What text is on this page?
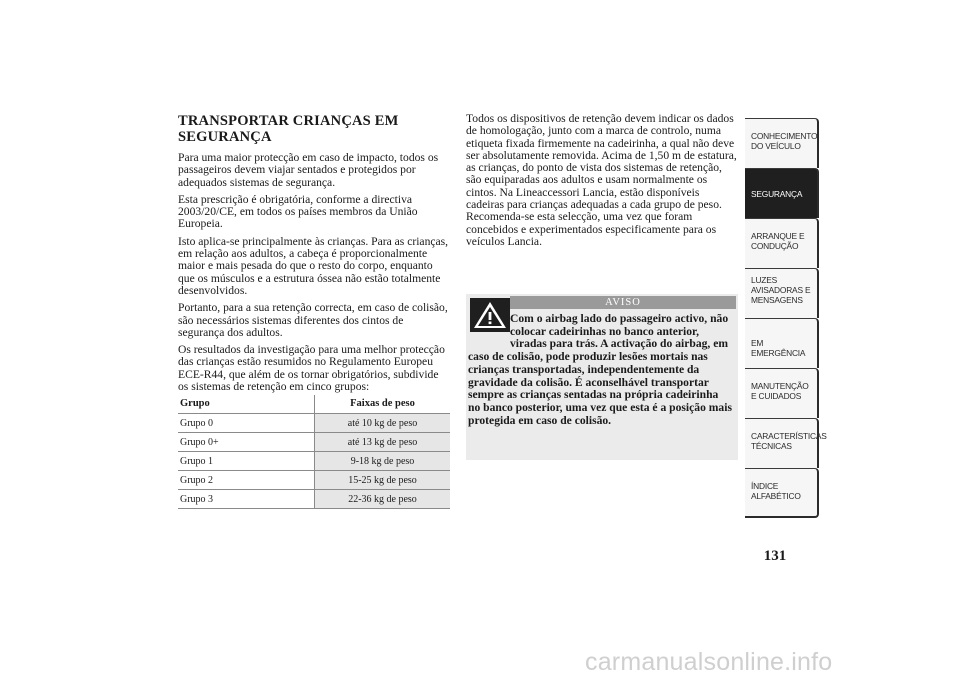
TRANSPORTAR CRIANÇAS EM
SEGURANÇA

Para uma maior protecção em caso de impacto, todos os passageiros devem viajar sentados e protegidos por adequados sistemas de segurança.

Esta prescrição é obrigatória, conforme a directiva 2003/20/CE, em todos os países membros da União Europeia.

Isto aplica-se principalmente às crianças. Para as crianças, em relação aos adultos, a cabeça é proporcionalmente maior e mais pesada do que o resto do corpo, enquanto que os músculos e a estrutura óssea não estão totalmente desenvolvidos.

Portanto, para a sua retenção correcta, em caso de colisão, são necessários sistemas diferentes dos cintos de segurança dos adultos.

Os resultados da investigação para uma melhor protecção das crianças estão resumidos no Regulamento Europeu ECE-R44, que além de os tornar obrigatórios, subdivide os sistemas de retenção em cinco grupos:

Grupo	Faixas de peso
Grupo 0	até 10 kg de peso
Grupo 0+	até 13 kg de peso
Grupo 1	9-18 kg de peso
Grupo 2	15-25 kg de peso
Grupo 3	22-36 kg de peso

Todos os dispositivos de retenção devem indicar os dados de homologação, junto com a marca de controlo, numa etiqueta fixada firmemente na cadeirinha, a qual não deve ser absolutamente removida. Acima de 1,50 m de estatura, as crianças, do ponto de vista dos sistemas de retenção, são equiparadas aos adultos e usam normalmente os cintos. Na Lineaccessori Lancia, estão disponíveis cadeiras para crianças adequadas a cada grupo de peso. Recomenda-se esta selecção, uma vez que foram concebidos e experimentados especificamente para os veículos Lancia.

AVISO
Com o airbag lado do passageiro activo, não colocar cadeirinhas no banco anterior, viradas para trás. A activação do airbag, em caso de colisão, pode produzir lesões mortais nas crianças transportadas, independentemente da gravidade da colisão. É aconselhável transportar sempre as crianças sentadas na própria cadeirinha no banco posterior, uma vez que esta é a posição mais protegida em caso de colisão.
CONHECIMENTO DO VEÍCULO
SEGURANÇA
ARRANQUE E CONDUÇÃO
LUZES AVISADORAS E MENSAGENS
EM EMERGÊNCIA
MANUTENÇÃO E CUIDADOS
CARACTERÍSTICAS TÉCNICAS
ÍNDICE ALFABÉTICO
131
carmanualsonline.info
